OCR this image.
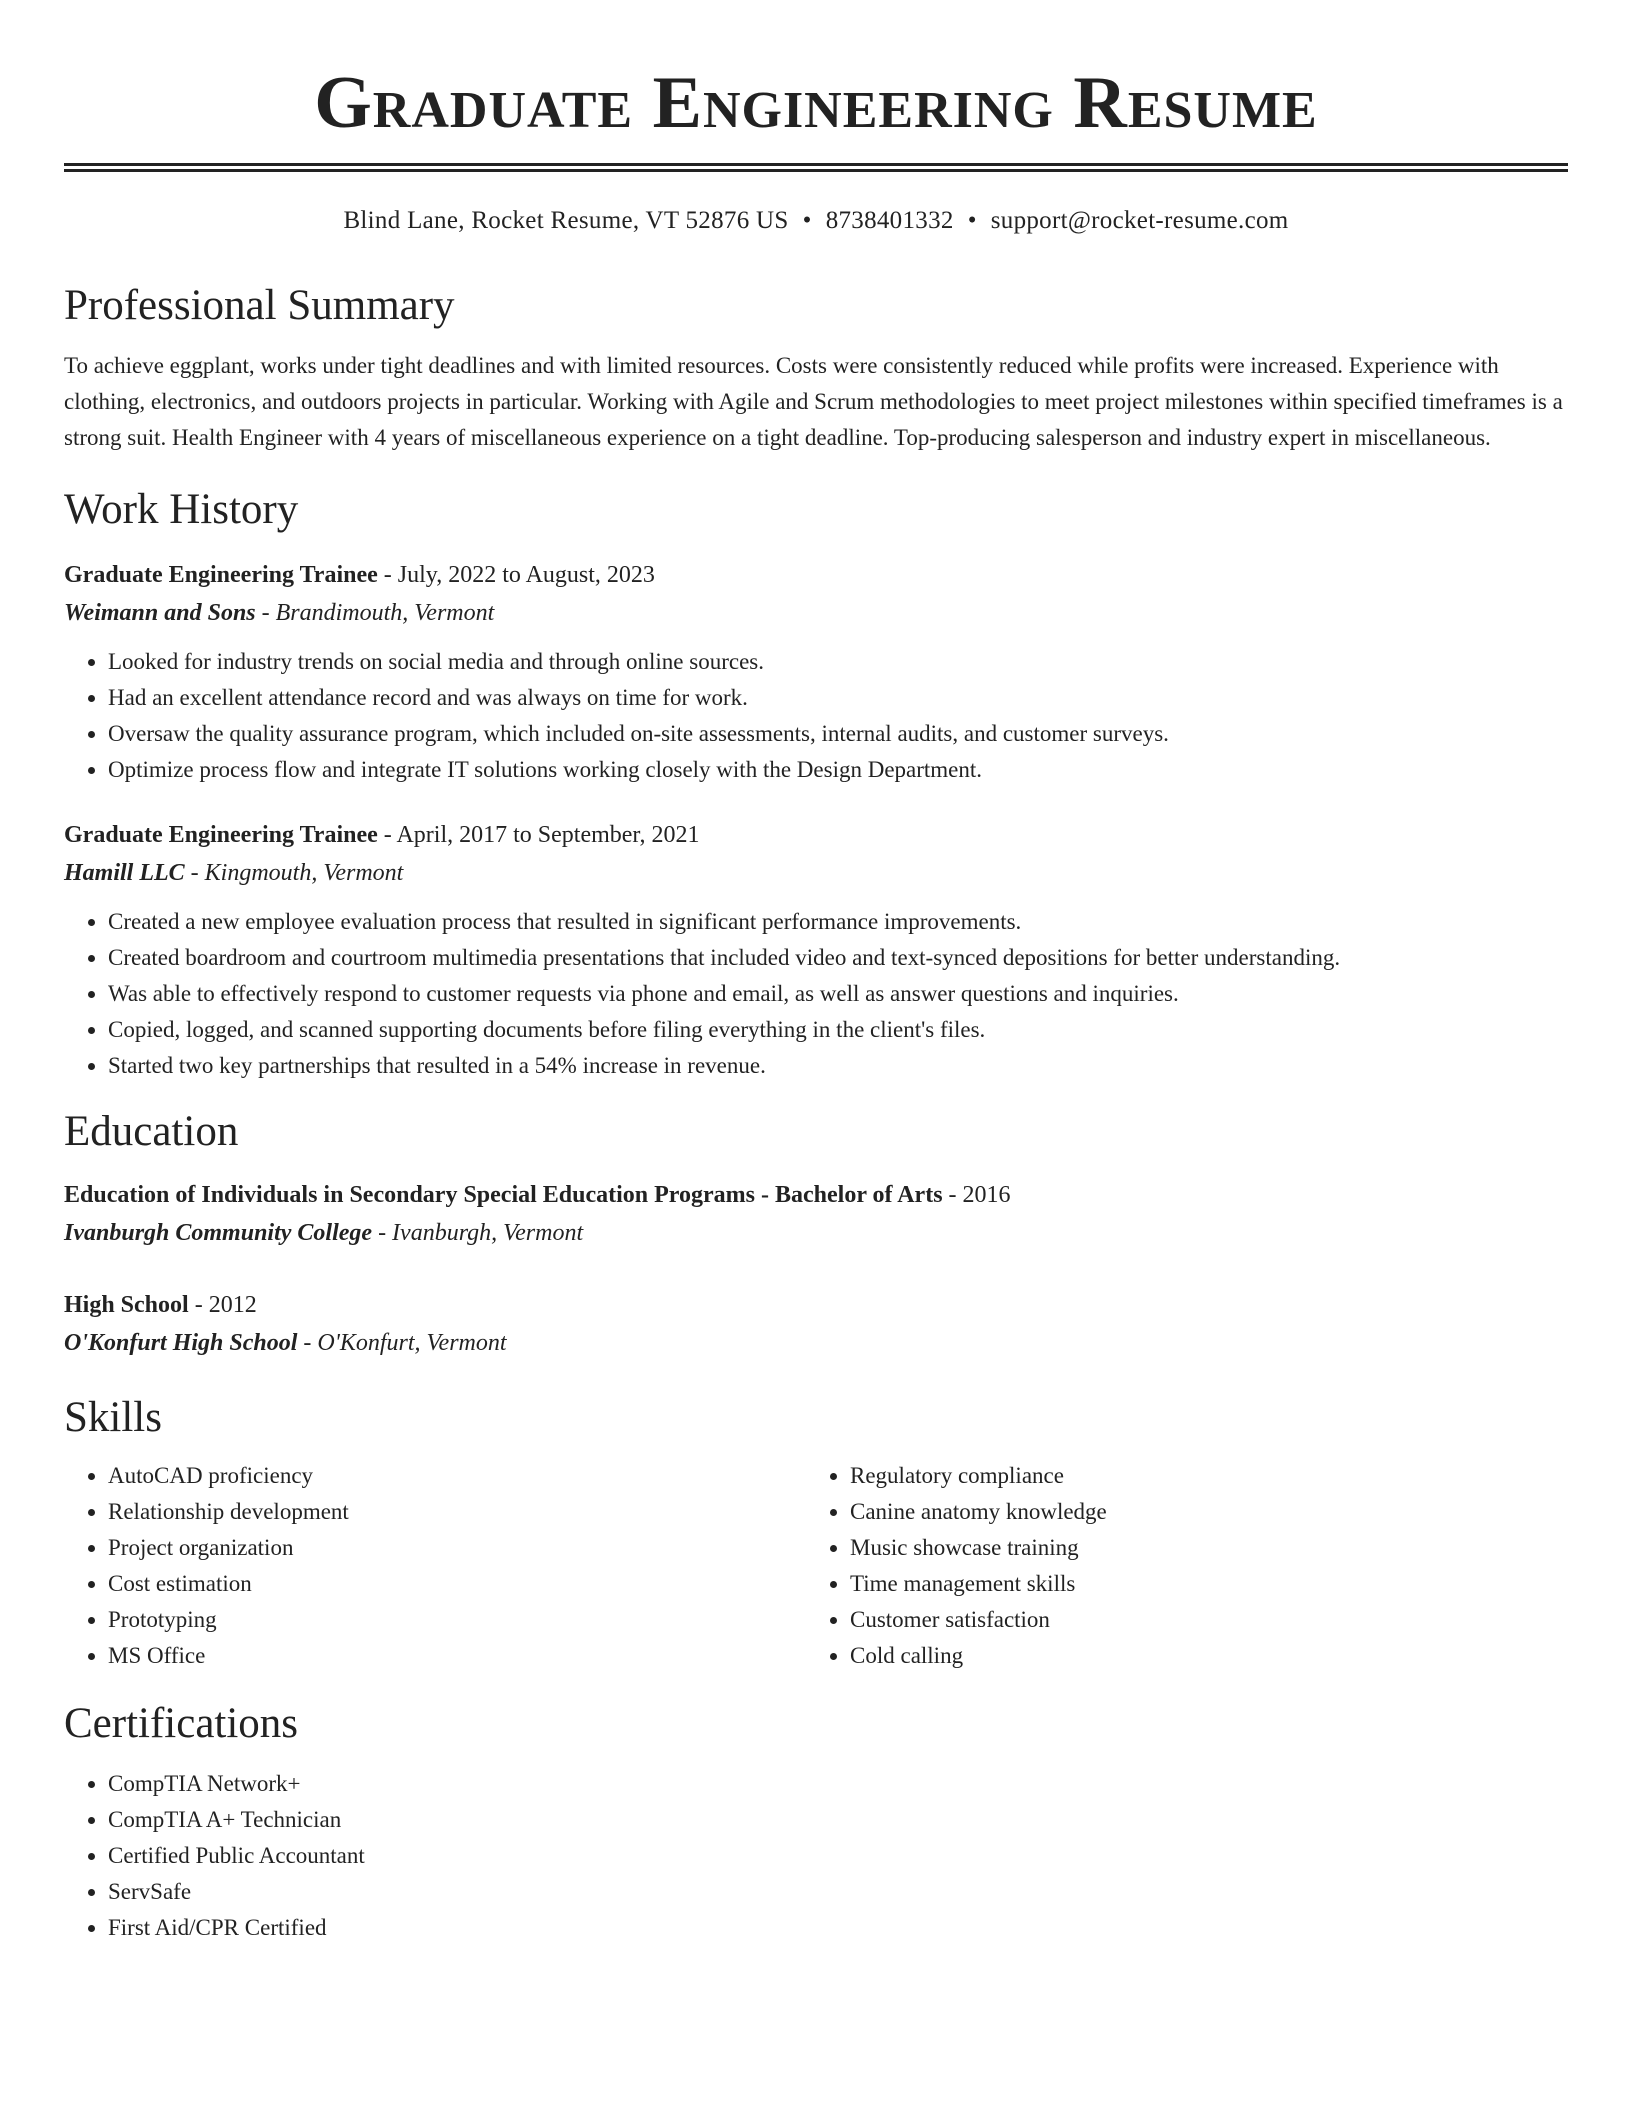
Graduate Engineering Resume
Blind Lane, Rocket Resume, VT 52876 US • 8738401332 • support@rocket-resume.com
Professional Summary

To achieve eggplant, works under tight deadlines and with limited resources. Costs were consistently reduced while profits were increased. Experience with clothing, electronics, and outdoors projects in particular. Working with Agile and Scrum methodologies to meet project milestones within specified timeframes is a strong suit. Health Engineer with 4 years of miscellaneous experience on a tight deadline. Top-producing salesperson and industry expert in miscellaneous.

Work History
Graduate Engineering Trainee - July, 2022 to August, 2023
Weimann and Sons - Brandimouth, Vermont
• Looked for industry trends on social media and through online sources.
• Had an excellent attendance record and was always on time for work.
• Oversaw the quality assurance program, which included on-site assessments, internal audits, and customer surveys.
• Optimize process flow and integrate IT solutions working closely with the Design Department.
Graduate Engineering Trainee - April, 2017 to September, 2021
Hamill LLC - Kingmouth, Vermont
• Created a new employee evaluation process that resulted in significant performance improvements.
• Created boardroom and courtroom multimedia presentations that included video and text-synced depositions for better understanding.
• Was able to effectively respond to customer requests via phone and email, as well as answer questions and inquiries.
• Copied, logged, and scanned supporting documents before filing everything in the client's files.
• Started two key partnerships that resulted in a 54% increase in revenue.
Education
Education of Individuals in Secondary Special Education Programs - Bachelor of Arts - 2016
Ivanburgh Community College - Ivanburgh, Vermont
High School - 2012
O'Konfurt High School - O'Konfurt, Vermont
Skills
• AutoCAD proficiency
• Relationship development
• Project organization
• Cost estimation
• Prototyping
• MS Office
• Regulatory compliance
• Canine anatomy knowledge
• Music showcase training
• Time management skills
• Customer satisfaction
• Cold calling
Certifications
• CompTIA Network+
• CompTIA A+ Technician
• Certified Public Accountant
• ServSafe
• First Aid/CPR Certified
